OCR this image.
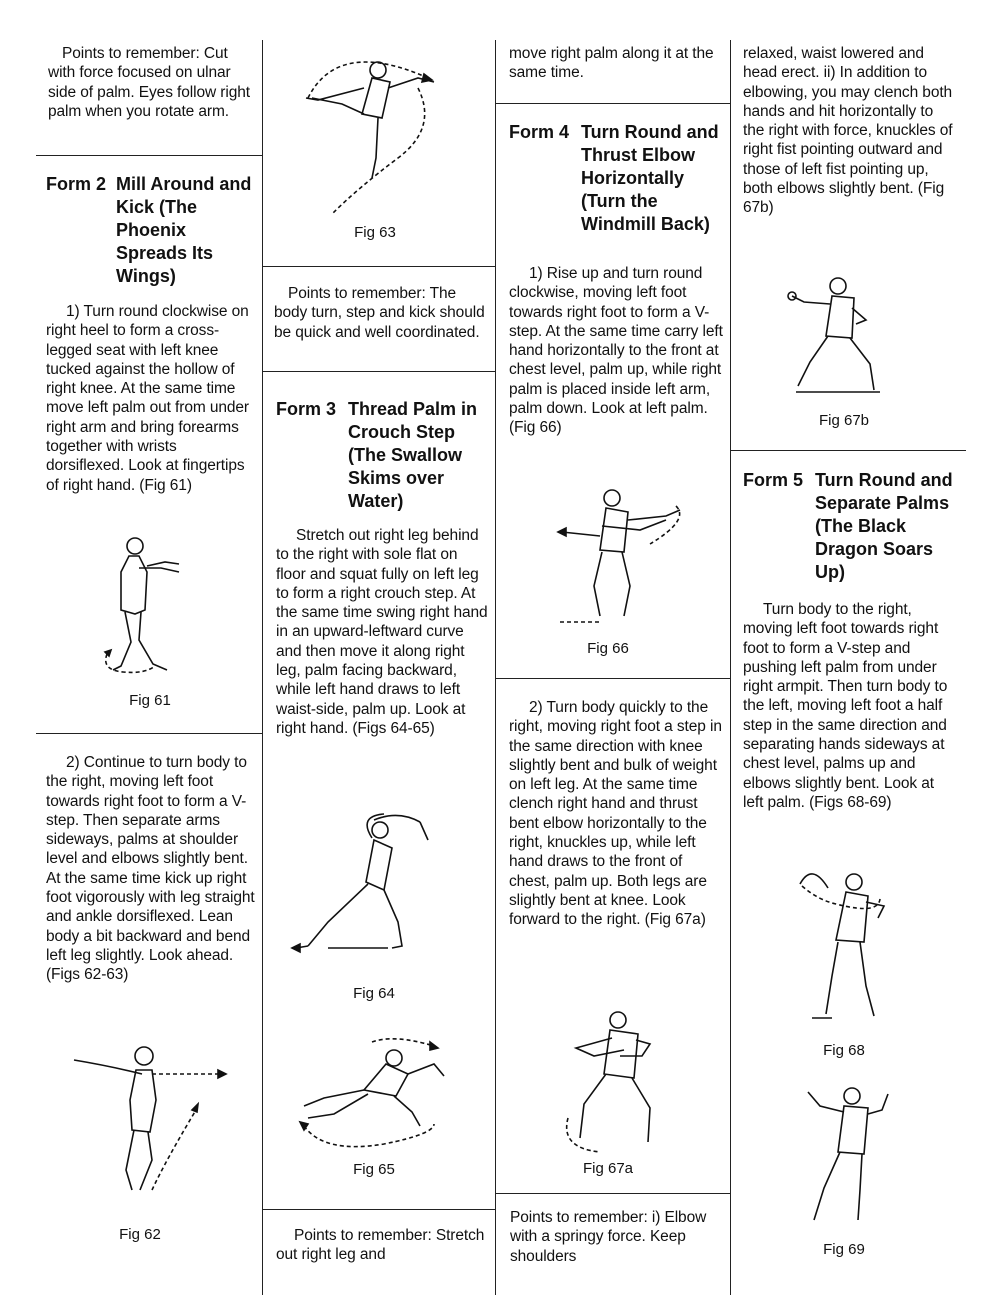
Points to remember: Cut with force focused on ulnar side of palm. Eyes follow right palm when you rotate arm.
Form 2 Mill Around and Kick (The Phoenix Spreads Its Wings)
1) Turn round clockwise on right heel to form a cross-legged seat with left knee tucked against the hollow of right knee. At the same time move left palm out from under right arm and bring forearms together with wrists dorsiflexed. Look at fingertips of right hand. (Fig 61)
Fig 61
2) Continue to turn body to the right, moving left foot towards right foot to form a V-step. Then separate arms sideways, palms at shoulder level and elbows slightly bent. At the same time kick up right foot vigorously with leg straight and ankle dorsiflexed. Lean body a bit backward and bend left leg slightly. Look ahead. (Figs 62-63)
Fig 62
Fig 63
Points to remember: The body turn, step and kick should be quick and well coordinated.
Form 3 Thread Palm in Crouch Step (The Swallow Skims over Water)
Stretch out right leg behind to the right with sole flat on floor and squat fully on left leg to form a right crouch step. At the same time swing right hand in an upward-leftward curve and then move it along right leg, palm facing backward, while left hand draws to left waist-side, palm up. Look at right hand. (Figs 64-65)
Fig 64
Fig 65
Points to remember: Stretch out right leg and
move right palm along it at the same time.
Form 4 Turn Round and Thrust Elbow Horizontally (Turn the Windmill Back)
1) Rise up and turn round clockwise, moving left foot towards right foot to form a V-step. At the same time carry left hand horizontally to the front at chest level, palm up, while right palm is placed inside left arm, palm down. Look at left palm. (Fig 66)
Fig 66
2) Turn body quickly to the right, moving right foot a step in the same direction with knee slightly bent and bulk of weight on left leg. At the same time clench right hand and thrust bent elbow horizontally to the right, knuckles up, while left hand draws to the front of chest, palm up. Both legs are slightly bent at knee. Look forward to the right. (Fig 67a)
Fig 67a
Points to remember: i) Elbow with a springy force. Keep shoulders
relaxed, waist lowered and head erect. ii) In addition to elbowing, you may clench both hands and hit horizontally to the right with force, knuckles of right fist pointing outward and those of left fist pointing up, both elbows slightly bent. (Fig 67b)
Fig 67b
Form 5 Turn Round and Separate Palms (The Black Dragon Soars Up)
Turn body to the right, moving left foot towards right foot to form a V-step and pushing left palm from under right armpit. Then turn body to the left, moving left foot a half step in the same direction and separating hands sideways at chest level, palms up and elbows slightly bent. Look at left palm. (Figs 68-69)
Fig 68
Fig 69
